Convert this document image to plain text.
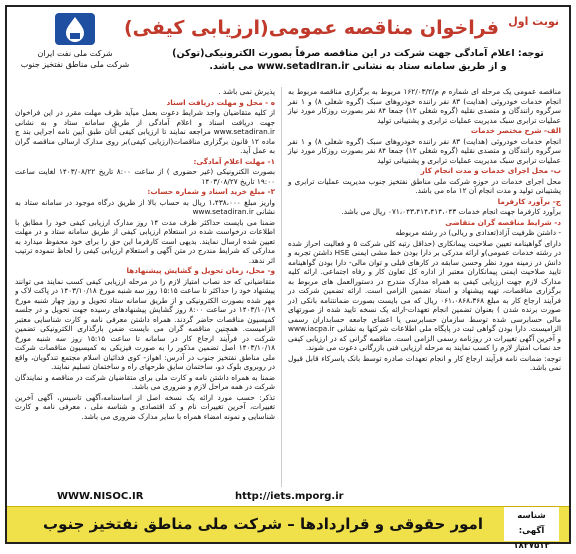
نوبت اول
فراخوان مناقصه عمومی(ارزیابی کیفی)
شرکت ملی نفت ایران
شرکت ملی مناطق نفتخیز جنوب
توجه: اعلام آمادگی جهت شرکت در این مناقصه صرفاً بصورت الکترونیکی(توکن)
و از طریق سامانه ستاد به نشانی www.setadIran.ir می باشد.

پذیرش نمی باشد .

ه - محل و مهلت دریافت اسناد

از کلیه متقاضیان واجد شرایط دعوت بعمل میآید ظرف مهلت مقرر در این فراخوان جهت دریافت اسناد و اعلام آمادگی از طریق سامانه ستاد و به نشانی www.setadiran.ir مراجعه نمایند تا ارزیابی کیفی آنان طبق آیین نامه اجرایی بند ج ماده ۱۲ قانون برگزاری مناقصات(ارزیابی کیفی)بر روی مدارک ارسالی مناقصه گران به عمل آید.

۱- مهلت اعلام آمادگی:

بصورت الکترونیکی (غیر حضوری ) از ساعت ۸:۰۰ تاریخ ۱۴۰۳/۰۸/۲۲ لغایت ساعت ۱۹:۰۰ تاریخ ۱۴۰۳/۰۸/۲۷

۲- مبلغ خرید اسناد و شماره حساب:

واریز مبلغ ۱،۴۳۸،۰۰۰ ریال به حساب بالا از طریق درگاه موجود در سامانه ستاد به نشانی www.setadiran.ir

ضمنا می بایست حداکثر ظرف مدت ۱۴ روز مدارک ارزیابی کیفی خود را مطابق با اطلاعات درخواست شده در استعلام ارزیابی کیفی از طریق سامانه ستاد و در مهلت تعیین شده ارسال نمایند. بدیهی است کارفرما این حق را برای خود محفوظ میدارد به مدارکی که شرایط مندرج در متن آگهی و استعلام ارزیابی کیفی را لحاظ ننموده ترتیب اثر ندهد.

و- محل، زمان تحویل و گشایش پیشنهادها

متقاضیانی که حد نصاب امتیاز لازم را در مرحله ارزیابی کیفی کسب نمایند می توانند پیشنهاد خود را حداکثر تا ساعت ۱۵:۱۵ روز سه شنبه مورخ ۱۴۰۳/۱۰/۱۸ در پاکت لاک و مهر شده بصورت الکترونیکی و از طریق سامانه ستاد تحویل و روز چهار شنبه مورخ ۱۴۰۳/۱۰/۱۹ در ساعت ۸:۰۰ روز گشایش پیشنهادهای رسیده جهت تحویل و در جلسه کمیسیون مناقصات حاضر گردند. همراه داشتن معرفی نامه و کارت شناسایی معتبر الزامیست. همچنین مناقصه گران می بایست ضمن بارگذاری الکترونیکی تضمین شرکت در فرآیند ارجاع کار در سامانه تا ساعت ۱۵:۱۵ روز سه شنبه مورخ ۱۴۰۳/۱۰/۱۸ اصل تضمین مذکور را به صورت فیزیکی به کمیسیون مناقصات شرکت ملی مناطق نفتخیز جنوب در آدرس: اهواز- کوی فدائیان اسلام مجتمع تندگویان، واقع در روبروی بلوک دو، ساختمان سایق طرحهای راه و ساختمان تسلیم نمایند.

ضمنا به همراه داشتن نامه و کارت ملی برای متقاضیان شرکت در مناقصه و نمایندگان شرکت در همه مراحل لازم و ضروری می باشد.

تذکر: حسب مورد ارائه یک نسخه اصل از اساسنامه،آگهی تاسیس، آگهی آخرین تغییرات، آخرین تغییرات نام و کد اقتصادی و شناسه ملی ، معرفی نامه و کارت شناسایی و نمونه امضاء همراه با سایر مدارک ضروری می باشد.

مناقصه عمومی یک مرحله ای شماره م م/۱۶۲/۰۳/۲ مربوط به برگزاری مناقصه مربوط به انجام خدمات خودروئی (هدایت) ۸۳ نفر راننده خودروهای سبک (گروه شغلی ۸) و ۱ نفر سرگروه رانندگان و متصدی نقلیه (گروه شغلی ۱۲) جمعا ۸۴ نفر بصورت روزکار مورد نیاز عملیات ترابری سبک مدیریت عملیات ترابری و پشتیبانی تولید

الف- شرح مختصر خدمات

انجام خدمات خودروئی (هدایت) ۸۳ نفر راننده خودروهای سبک (گروه شغلی ۸) و ۱ نفر سرگروه رانندگان و متصدی نقلیه (گروه شغلی ۱۲) جمعا ۸۴ نفر بصورت روزکار مورد نیاز عملیات ترابری سبک مدیریت عملیات ترابری و پشتیبانی تولید

ب- محل اجرای خدمات و مدت انجام کار

محل اجرای خدمات در حوزه شرکت ملی مناطق نفتخیز جنوب مدیریت عملیات ترابری و پشتیبانی تولید و مدت انجام آن ۱۲ ماه می باشد.

ج- برآورد کارفرما

برآورد کارفرما جهت انجام خدمات ۰۷۱،۰۴۳،۴۱۴،۴۱۴،۰۴۳ ریال می باشد.

د- شرایط مناقصه گران متقاضی

- داشتن ظرفیت آزاد(تعدادی و ریالی) در رشته مربوطه

دارای گواهینامه تعیین صلاحیت پیمانکاری (حداقل رتبه کلی شرکت ۵ و فعالیت احراز شده در رشته خدمات عمومی)و ارائه مدرکی بر دارا بودن خط مشی ایمنی HSE داشتن تجربه و دانش در زمینه مورد نظر وحسن سابقه در کارهای قبلی و توان مالی- دارا بودن گواهینامه تایید صلاحیت ایمنی پیمانکاران معتبر از اداره کل تعاون کار و رفاه اجتماعی. ارائه کلیه مدارک لازم جهت ارزیابی کیفی به همراه مدارک مندرج در دستورالعمل های مربوط به برگزاری مناقصات، تهیه پیشنهاد و اسناد تضمین الزامی است. ارائه تضمین شرکت در فرآیند ارجاع کار به مبلغ ۰۶۱،۰۸۶۸،۳۶۸ ریال که می بایست بصورت ضمانتنامه بانکی (در صورت برنده شدن ) بعنوان تضمین انجام تعهدات-ارائه یک نسخه تایید شده از صورتهای مالی حسابرسی شده توسط سازمان حسابرسی یا اعضای جامعه حسابداران رسمی الزامیست. دارا بودن گواهی ثبت در پایگاه ملی اطلاعات شرکتها به نشانی www.iacpa.ir و آخرین آگهی تغییرات در روزنامه رسمی الزامی است. مناقصه گرانی که در ارزیابی کیفی حد نصاب امتیاز لازم را کسب نمایند به مرحله ارزیابی فنی بازرگانی دعوت می شوند.

توجه: ضمانت نامه فرآیند ارجاع کار و انجام تعهدات صادره توسط بانک یاسرکاء قابل قبول نمی باشد.

WWW.NISOC.IR	http://iets.mporg.ir
امور حقوقی و قراردادها – شرکت ملی مناطق نفتخیز جنوب	شناسه آگهی:
۱۸۲۷۵۱۳
